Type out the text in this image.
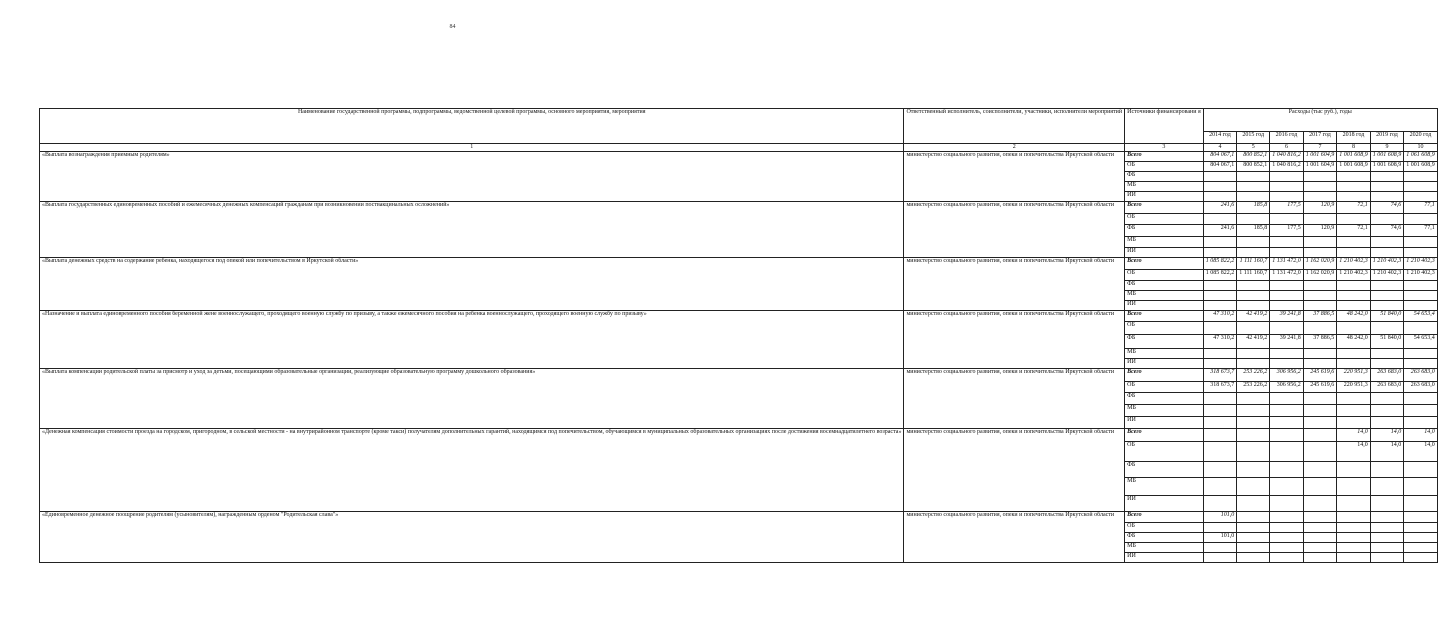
84
Наименование государственной программы, подпрограммы, ведомственной целевой программы, основного мероприятия, мероприятия	Ответственный исполнитель, соисполнители, участники, исполнители мероприятий	Источники финансировани я	Расходы (тыс руб.), годы						
			2014 год	2015 год	2016 год	2017 год	2018 год	2019 год	2020 год
1	2	3	4	5	6	7	8	9	10
«Выплата вознаграждения приемным родителям»	министерство социального развития, опеки и попечительства Иркутской области	Всего	804 067,1	800 852,1	1 040 816,2	1 001 604,9	1 001 608,9	1 001 608,9	1 061 608,9
		ОБ	804 067,1	800 852,1	1 040 816,2	1 001 604,9	1 001 608,9	1 001 608,9	1 001 608,9
		ФБ							
		МБ							
		ИИ							
«Выплата государственных единовременных пособий и ежемесячных денежных компенсаций гражданам при возникновении поствакцинальных осложнений»	министерство социального развития, опеки и попечительства Иркутской области	Всего	241,6	185,8	177,5	120,9	72,1	74,6	77,1
		ОБ							
		ФБ	241,6	185,8	177,5	120,9	72,1	74,6	77,1
		МБ							
		ИИ							
«Выплата денежных средств на содержание ребенка, находящегося под опекой или попечительством в Иркутской области»	министерство социального развития, опеки и попечительства Иркутской области	Всего	1 085 822,2	1 111 160,7	1 131 472,0	1 162 020,9	1 210 402,3	1 210 402,3	1 210 402,3
		ОБ	1 085 822,2	1 111 160,7	1 131 472,0	1 162 020,9	1 210 402,3	1 210 402,3	1 210 402,3
		ФБ							
		МБ							
		ИИ							
«Назначение и выплата единовременного пособия беременной жене военнослужащего, проходящего военную службу по призыву, а также ежемесячного пособия на ребенка военнослужащего, проходящего военную службу по призыву»	министерство социального развития, опеки и попечительства Иркутской области	Всего	47 310,2	42 419,2	39 241,8	37 886,5	48 242,0	51 840,0	54 653,4
		ОБ							
		ФБ	47 310,2	42 419,2	39 241,8	37 886,5	48 242,0	51 840,0	54 653,4
		МБ							
		ИИ							
«Выплата компенсации родительской платы за присмотр и уход за детьми, посещающими образовательные организации, реализующие образовательную программу дошкольного образования»	министерство социального развития, опеки и попечительства Иркутской области	Всего	318 673,7	253 226,2	306 956,2	245 619,6	220 951,3	263 683,0	263 683,0
		ОБ	318 673,7	253 226,2	306 956,2	245 619,6	220 951,3	263 683,0	263 683,0
		ФБ							
		МБ							
		ИИ							
«Денежная компенсация стоимости проезда на городском, пригородном, в сельской местности - на внутрирайонном транспорте (кроме такси) получателям дополнительных гарантий, находящимся под попечительством, обучающимся в муниципальных образовательных организациях после достижения восемнадцатилетнего возраста»	министерство социального развития, опеки и попечительства Иркутской области	Всего					14,0	14,0	14,0
		ОБ					14,0	14,0	14,0
		ФБ							
		МБ							
		ИИ							
«Единовременное денежное поощрение родителям (усыновителям), награжденным орденом "Родительская слава"»	министерство социального развития, опеки и попечительства Иркутской области	Всего	101,0						
		ОБ							
		ФБ	101,0						
		МБ							
		ИИ							
